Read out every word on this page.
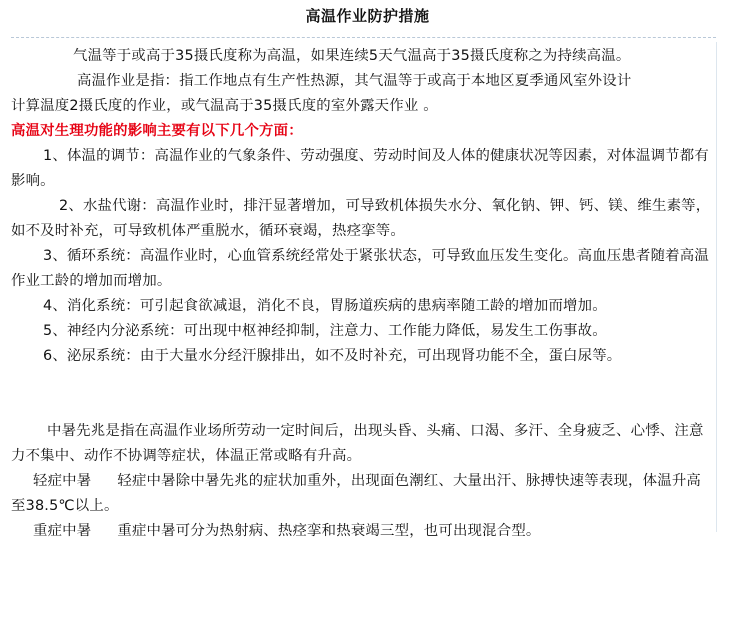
高温作业防护措施

气温等于或高于35摄氏度称为高温，如果连续5天气温高于35摄氏度称之为持续高温。

高温作业是指：指工作地点有生产性热源，其气温等于或高于本地区夏季通风室外设计

计算温度2摄氏度的作业，或气温高于35摄氏度的室外露天作业 。

高温对生理功能的影响主要有以下几个方面：

1、体温的调节：高温作业的气象条件、劳动强度、劳动时间及人体的健康状况等因素，对体温调节都有影响。

2、水盐代谢：高温作业时，排汗显著增加，可导致机体损失水分、氧化钠、钾、钙、镁、维生素等，如不及时补充，可导致机体严重脱水，循环衰竭，热痉挛等。

3、循环系统：高温作业时，心血管系统经常处于紧张状态，可导致血压发生变化。高血压患者随着高温作业工龄的增加而增加。

4、消化系统：可引起食欲减退，消化不良，胃肠道疾病的患病率随工龄的增加而增加。

5、神经内分泌系统：可出现中枢神经抑制，注意力、工作能力降低，易发生工伤事故。

6、泌尿系统：由于大量水分经汗腺排出，如不及时补充，可出现肾功能不全，蛋白尿等。

中暑先兆是指在高温作业场所劳动一定时间后，出现头昏、头痛、口渴、多汗、全身疲乏、心悸、注意力不集中、动作不协调等症状，体温正常或略有升高。

轻症中暑 轻症中暑除中暑先兆的症状加重外，出现面色潮红、大量出汗、脉搏快速等表现，体温升高至38.5℃以上。

重症中暑 重症中暑可分为热射病、热痉挛和热衰竭三型，也可出现混合型。
